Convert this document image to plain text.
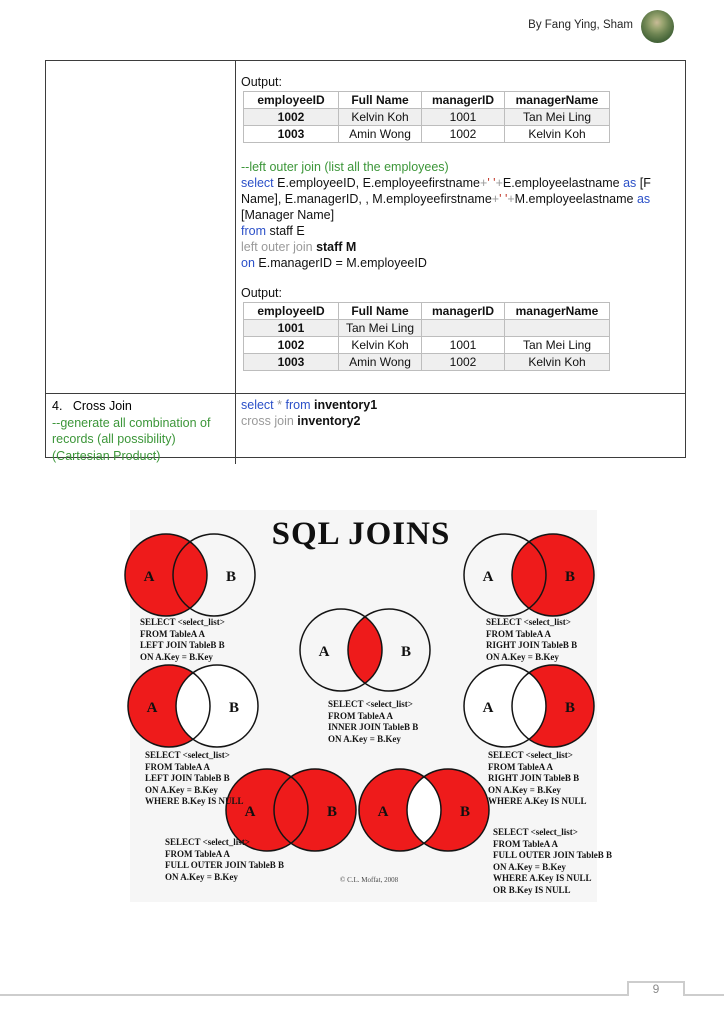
By Fang Ying, Sham
Output:
employeeID	Full Name	managerID	managerName
1002	Kelvin Koh	1001	Tan Mei Ling
1003	Amin Wong	1002	Kelvin Koh
--left outer join (list all the employees)
select E.employeeID, E.employeefirstname+' '+E.employeelastname as [F
Name], E.managerID, , M.employeefirstname+' '+M.employeelastname as
[Manager Name]
from staff E
left outer join staff M
on E.managerID = M.employeeID
Output:
employeeID	Full Name	managerID	managerName
1001	Tan Mei Ling		
1002	Kelvin Koh	1001	Tan Mei Ling
1003	Amin Wong	1002	Kelvin Koh
4.   Cross Join
--generate all combination of records (all possibility)
(Cartesian Product)
select * from inventory1
cross join inventory2
SQL JOINS
A	B	A	B
A	B
A	B	A	B
A	B	A	B
SELECT <select_list>
FROM TableA A
LEFT JOIN TableB B
ON A.Key = B.Key
SELECT <select_list>
FROM TableA A
RIGHT JOIN TableB B
ON A.Key = B.Key
SELECT <select_list>
FROM TableA A
INNER JOIN TableB B
ON A.Key = B.Key
SELECT <select_list>
FROM TableA A
LEFT JOIN TableB B
ON A.Key = B.Key
WHERE B.Key IS NULL
SELECT <select_list>
FROM TableA A
RIGHT JOIN TableB B
ON A.Key = B.Key
WHERE A.Key IS NULL
SELECT <select_list>
FROM TableA A
FULL OUTER JOIN TableB B
ON A.Key = B.Key
SELECT <select_list>
FROM TableA A
FULL OUTER JOIN TableB B
ON A.Key = B.Key
WHERE A.Key IS NULL
OR B.Key IS NULL
© C.L. Moffat, 2008
9
